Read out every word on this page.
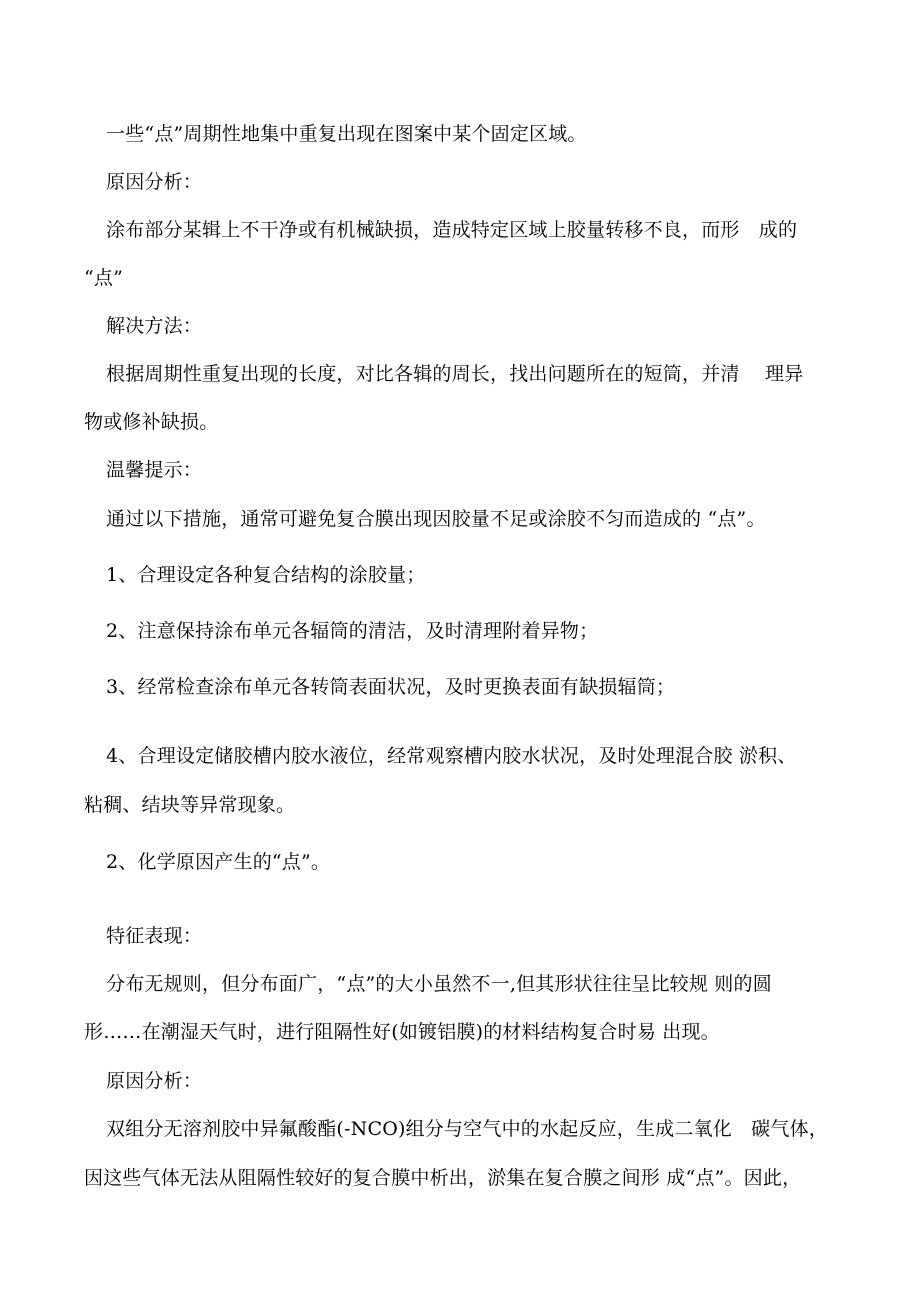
一些“点”周期性地集中重复出现在图案中某个固定区域。
原因分析：
涂布部分某辑上不干净或有机械缺损，造成特定区域上胶量转移不良，而形　成的
“点”
解决方法：
根据周期性重复出现的长度，对比各辑的周长，找出问题所在的短筒，并清　 理异
物或修补缺损。
温馨提示：
通过以下措施，通常可避免复合膜出现因胶量不足或涂胶不匀而造成的 “点”。
1、合理设定各种复合结构的涂胶量；
2、注意保持涂布单元各辐筒的清洁，及时清理附着异物；
3、经常检查涂布单元各转筒表面状况，及时更换表面有缺损辐筒；
4、合理设定储胶槽内胶水液位，经常观察槽内胶水状况，及时处理混合胶 淤积、
粘稠、结块等异常现象。
2、化学原因产生的“点”。
特征表现：
分布无规则，但分布面广，“点”的大小虽然不一,但其形状往往呈比较规 则的圆
形……在潮湿天气时，进行阻隔性好(如镀铝膜)的材料结构复合时易 出现。
原因分析：
双组分无溶剂胶中异氟酸酯(-NCO)组分与空气中的水起反应，生成二氧化　碳气体，
因这些气体无法从阻隔性较好的复合膜中析出，淤集在复合膜之间形 成“点”。因此，
